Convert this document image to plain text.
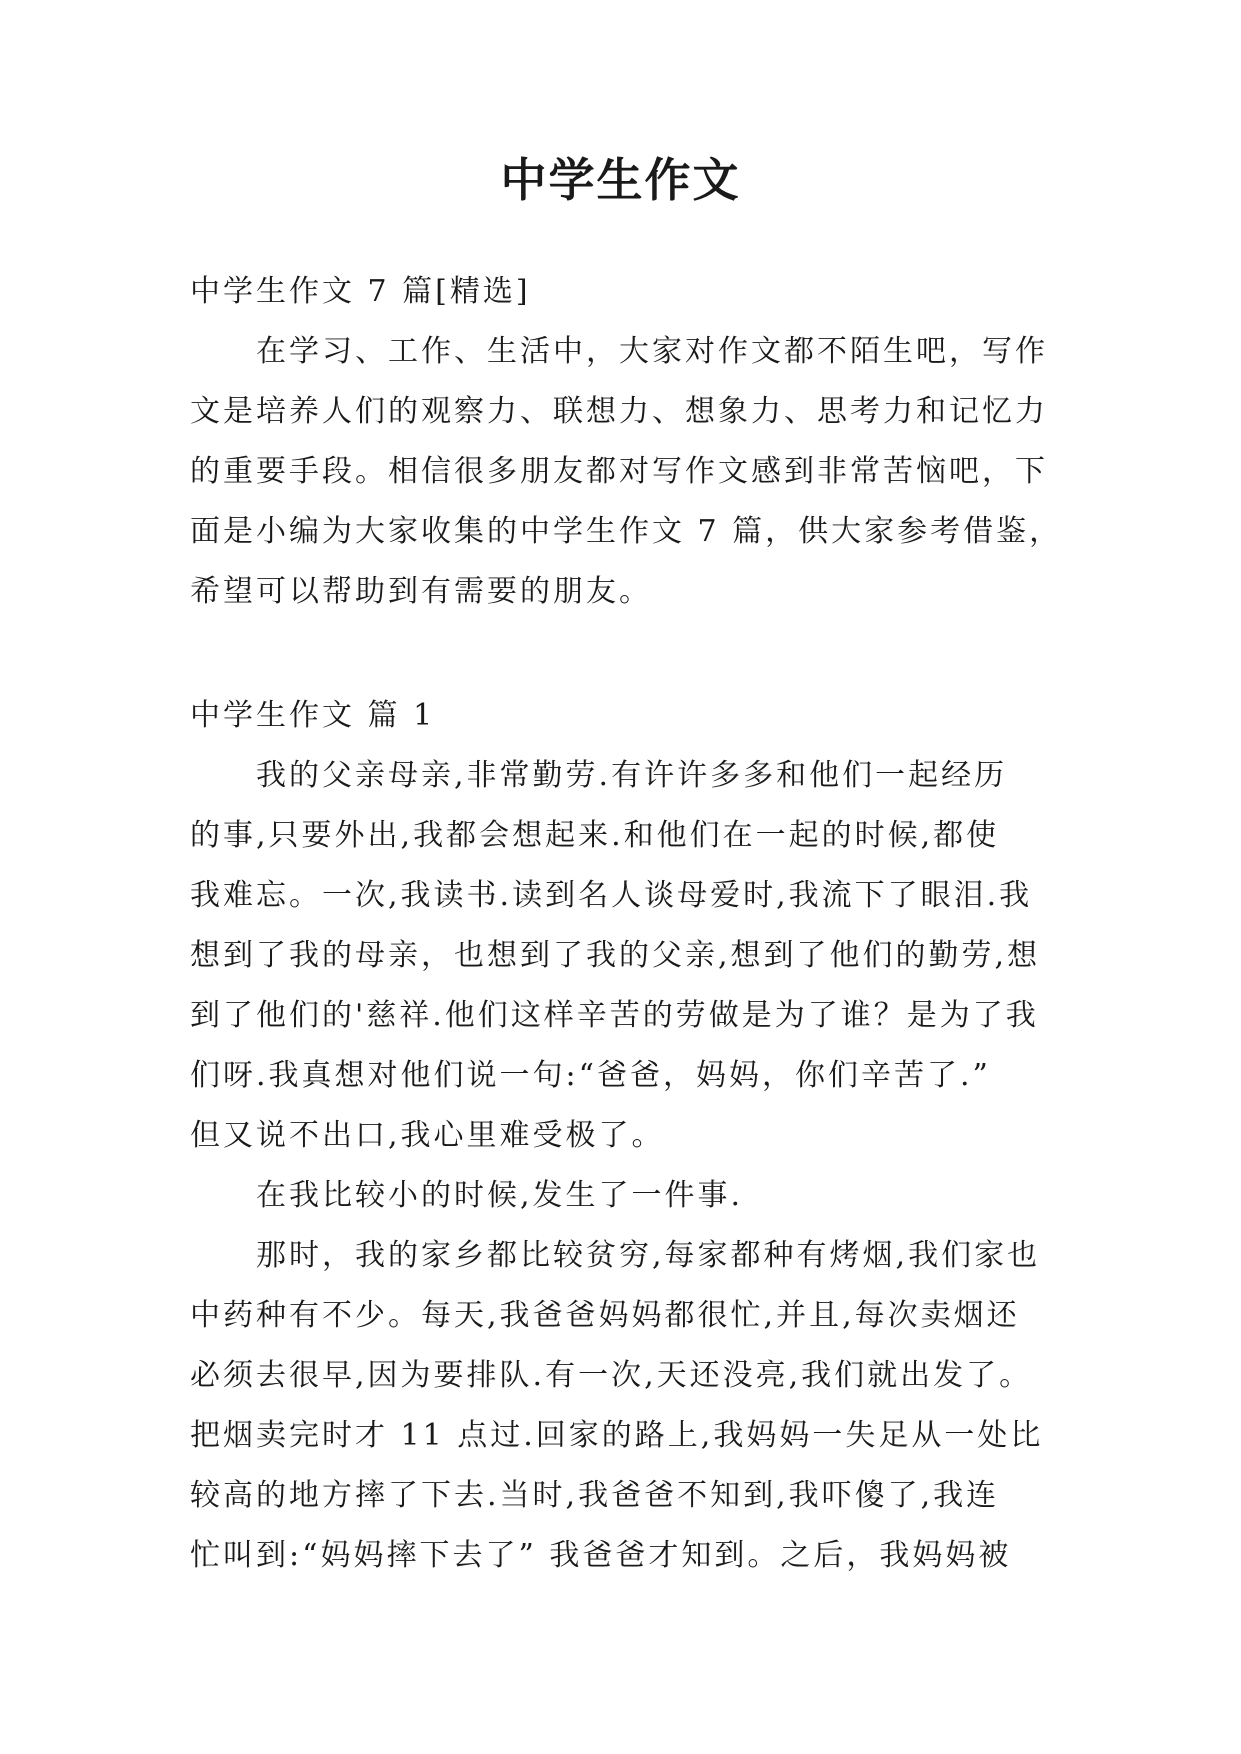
中学生作文
中学生作文 7 篇[精选]
在学习、工作、生活中，大家对作文都不陌生吧，写作
文是培养人们的观察力、联想力、想象力、思考力和记忆力
的重要手段。相信很多朋友都对写作文感到非常苦恼吧，下
面是小编为大家收集的中学生作文 7 篇，供大家参考借鉴，
希望可以帮助到有需要的朋友。
中学生作文 篇 1
我的父亲母亲,非常勤劳.有许许多多和他们一起经历
的事,只要外出,我都会想起来.和他们在一起的时候,都使
我难忘。一次,我读书.读到名人谈母爱时,我流下了眼泪.我
想到了我的母亲，也想到了我的父亲,想到了他们的勤劳,想
到了他们的'慈祥.他们这样辛苦的劳做是为了谁？是为了我
们呀.我真想对他们说一句:“爸爸，妈妈，你们辛苦了.”
但又说不出口,我心里难受极了。
在我比较小的时候,发生了一件事.
那时，我的家乡都比较贫穷,每家都种有烤烟,我们家也
中药种有不少。每天,我爸爸妈妈都很忙,并且,每次卖烟还
必须去很早,因为要排队.有一次,天还没亮,我们就出发了。
把烟卖完时才 11 点过.回家的路上,我妈妈一失足从一处比
较高的地方摔了下去.当时,我爸爸不知到,我吓傻了,我连
忙叫到:“妈妈摔下去了” 我爸爸才知到。之后，我妈妈被
